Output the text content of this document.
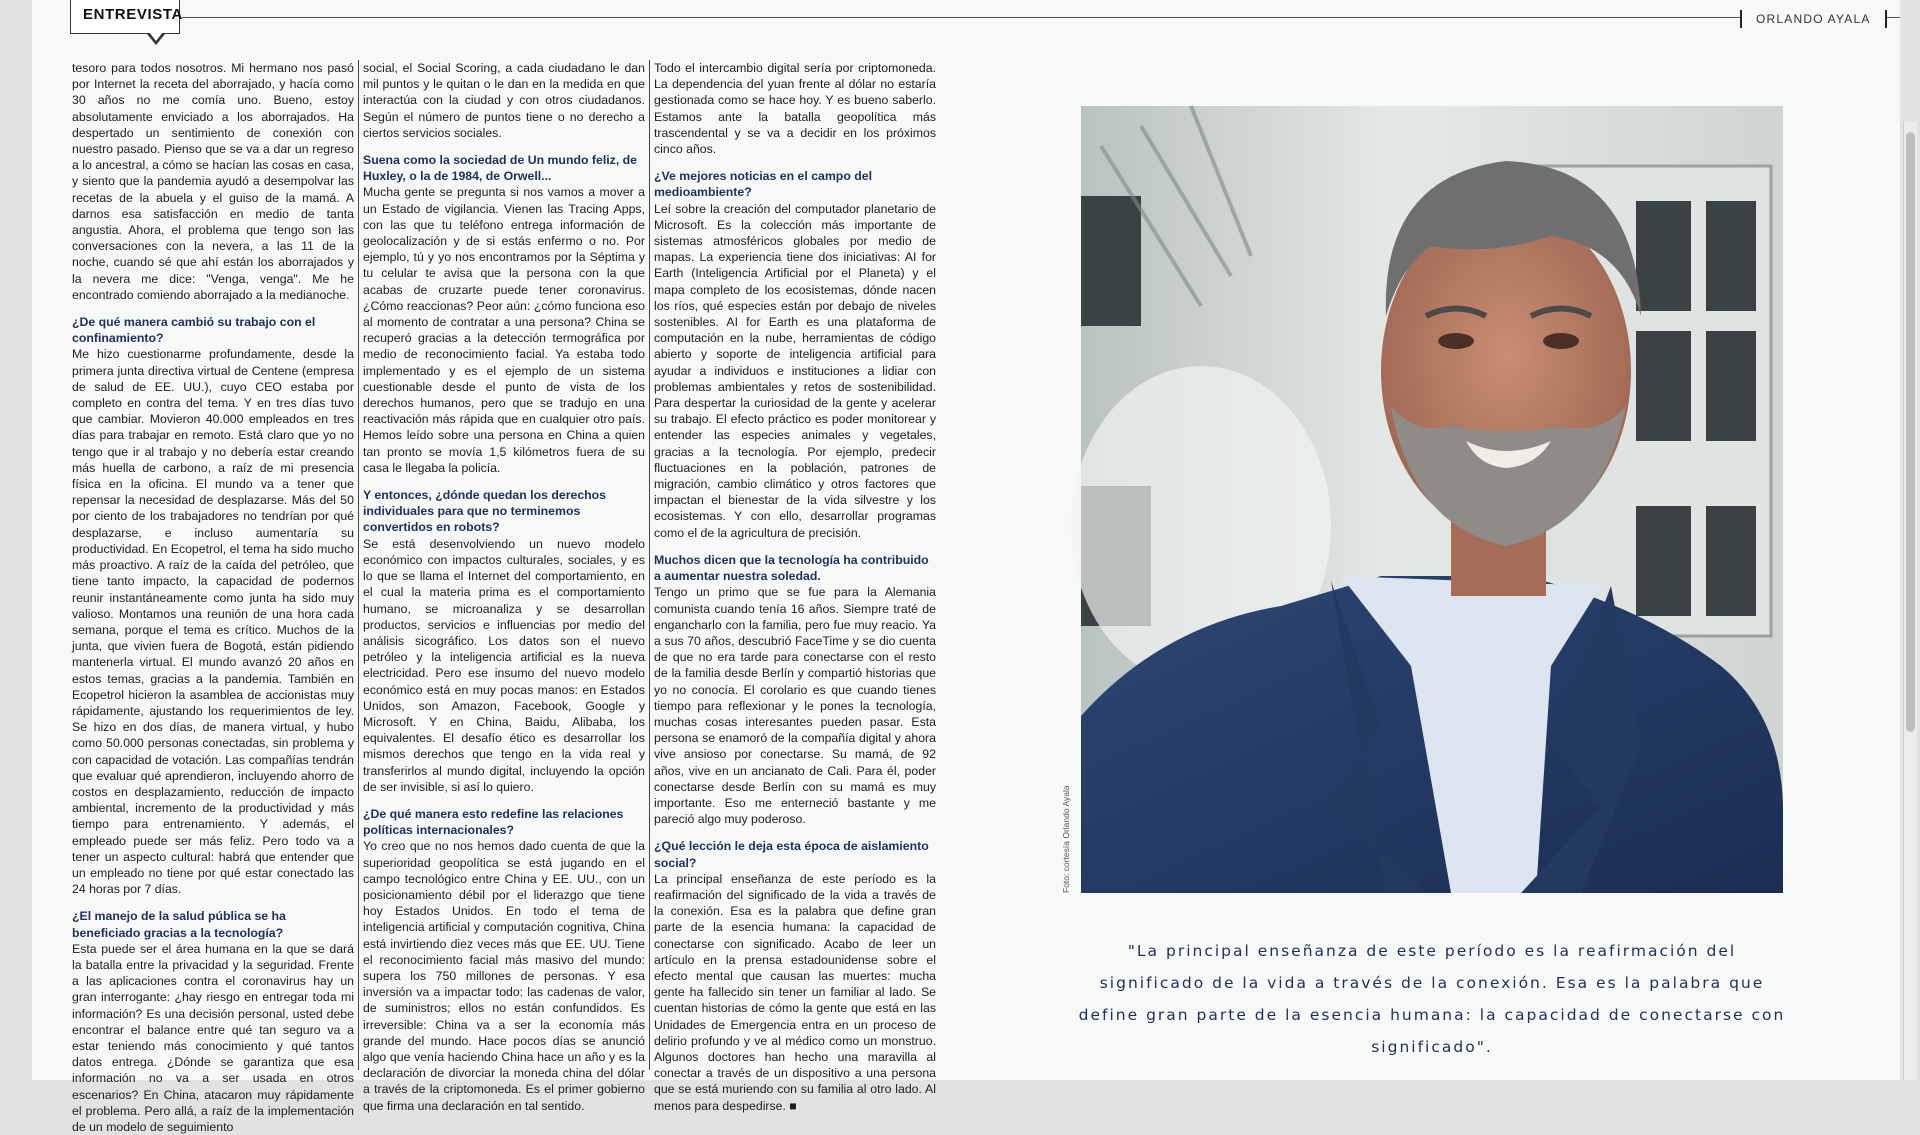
ENTREVISTA	ORLANDO AYALA

tesoro para todos nosotros. Mi hermano nos pasó por Internet la receta del aborrajado, y hacía como 30 años no me comía uno. Bueno, estoy absolutamente enviciado a los aborrajados. Ha despertado un sentimiento de conexión con nuestro pasado. Pienso que se va a dar un regreso a lo ancestral, a cómo se hacían las cosas en casa, y siento que la pandemia ayudó a desempolvar las recetas de la abuela y el guiso de la mamá. A darnos esa satisfacción en medio de tanta angustia. Ahora, el problema que tengo son las conversaciones con la nevera, a las 11 de la noche, cuando sé que ahí están los aborrajados y la nevera me dice: "Venga, venga". Me he encontrado comiendo aborrajado a la medianoche.

¿De qué manera cambió su trabajo con el confinamiento?

Me hizo cuestionarme profundamente, desde la primera junta directiva virtual de Centene (empresa de salud de EE. UU.), cuyo CEO estaba por completo en contra del tema. Y en tres días tuvo que cambiar. Movieron 40.000 empleados en tres días para trabajar en remoto. Está claro que yo no tengo que ir al trabajo y no debería estar creando más huella de carbono, a raíz de mi presencia física en la oficina. El mundo va a tener que repensar la necesidad de desplazarse. Más del 50 por ciento de los trabajadores no tendrían por qué desplazarse, e incluso aumentaría su productividad. En Ecopetrol, el tema ha sido mucho más proactivo. A raíz de la caída del petróleo, que tiene tanto impacto, la capacidad de podernos reunir instantáneamente como junta ha sido muy valioso. Montamos una reunión de una hora cada semana, porque el tema es crítico. Muchos de la junta, que vivien fuera de Bogotá, están pidiendo mantenerla virtual. El mundo avanzó 20 años en estos temas, gracias a la pandemia. También en Ecopetrol hicieron la asamblea de accionistas muy rápidamente, ajustando los requerimientos de ley. Se hizo en dos días, de manera virtual, y hubo como 50.000 personas conectadas, sin problema y con capacidad de votación. Las compañías tendrán que evaluar qué aprendieron, incluyendo ahorro de costos en desplazamiento, reducción de impacto ambiental, incremento de la productividad y más tiempo para entrenamiento. Y además, el empleado puede ser más feliz. Pero todo va a tener un aspecto cultural: habrá que entender que un empleado no tiene por qué estar conectado las 24 horas por 7 días.

¿El manejo de la salud pública se ha beneficiado gracias a la tecnología?

Esta puede ser el área humana en la que se dará la batalla entre la privacidad y la seguridad. Frente a las aplicaciones contra el coronavirus hay un gran interrogante: ¿hay riesgo en entregar toda mi información? Es una decisión personal, usted debe encontrar el balance entre qué tan seguro va a estar teniendo más conocimiento y qué tantos datos entrega. ¿Dónde se garantiza que esa información no va a ser usada en otros escenarios? En China, atacaron muy rápidamente el problema. Pero allá, a raíz de la implementación de un modelo de seguimiento

social, el Social Scoring, a cada ciudadano le dan mil puntos y le quitan o le dan en la medida en que interactúa con la ciudad y con otros ciudadanos. Según el número de puntos tiene o no derecho a ciertos servicios sociales.

Suena como la sociedad de Un mundo feliz, de Huxley, o la de 1984, de Orwell...

Mucha gente se pregunta si nos vamos a mover a un Estado de vigilancia. Vienen las Tracing Apps, con las que tu teléfono entrega información de geolocalización y de si estás enfermo o no. Por ejemplo, tú y yo nos encontramos por la Séptima y tu celular te avisa que la persona con la que acabas de cruzarte puede tener coronavirus. ¿Cómo reaccionas? Peor aún: ¿cómo funciona eso al momento de contratar a una persona? China se recuperó gracias a la detección termográfica por medio de reconocimiento facial. Ya estaba todo implementado y es el ejemplo de un sistema cuestionable desde el punto de vista de los derechos humanos, pero que se tradujo en una reactivación más rápida que en cualquier otro país. Hemos leído sobre una persona en China a quien tan pronto se movía 1,5 kilómetros fuera de su casa le llegaba la policía.

Y entonces, ¿dónde quedan los derechos individuales para que no terminemos convertidos en robots?

Se está desenvolviendo un nuevo modelo económico con impactos culturales, sociales, y es lo que se llama el Internet del comportamiento, en el cual la materia prima es el comportamiento humano, se microanaliza y se desarrollan productos, servicios e influencias por medio del análisis sicográfico. Los datos son el nuevo petróleo y la inteligencia artificial es la nueva electricidad. Pero ese insumo del nuevo modelo económico está en muy pocas manos: en Estados Unidos, son Amazon, Facebook, Google y Microsoft. Y en China, Baidu, Alibaba, los equivalentes. El desafío ético es desarrollar los mismos derechos que tengo en la vida real y transferirlos al mundo digital, incluyendo la opción de ser invisible, si así lo quiero.

¿De qué manera esto redefine las relaciones políticas internacionales?

Yo creo que no nos hemos dado cuenta de que la superioridad geopolítica se está jugando en el campo tecnológico entre China y EE. UU., con un posicionamiento débil por el liderazgo que tiene hoy Estados Unidos. En todo el tema de inteligencia artificial y computación cognitiva, China está invirtiendo diez veces más que EE. UU. Tiene el reconocimiento facial más masivo del mundo: supera los 750 millones de personas. Y esa inversión va a impactar todo: las cadenas de valor, de suministros; ellos no están confundidos. Es irreversible: China va a ser la economía más grande del mundo. Hace pocos días se anunció algo que venía haciendo China hace un año y es la declaración de divorciar la moneda china del dólar a través de la criptomoneda. Es el primer gobierno que firma una declaración en tal sentido.

Todo el intercambio digital sería por criptomoneda. La dependencia del yuan frente al dólar no estaría gestionada como se hace hoy. Y es bueno saberlo. Estamos ante la batalla geopolítica más trascendental y se va a decidir en los próximos cinco años.

¿Ve mejores noticias en el campo del medioambiente?

Leí sobre la creación del computador planetario de Microsoft. Es la colección más importante de sistemas atmosféricos globales por medio de mapas. La experiencia tiene dos iniciativas: AI for Earth (Inteligencia Artificial por el Planeta) y el mapa completo de los ecosistemas, dónde nacen los ríos, qué especies están por debajo de niveles sostenibles. AI for Earth es una plataforma de computación en la nube, herramientas de código abierto y soporte de inteligencia artificial para ayudar a individuos e instituciones a lidiar con problemas ambientales y retos de sostenibilidad. Para despertar la curiosidad de la gente y acelerar su trabajo. El efecto práctico es poder monitorear y entender las especies animales y vegetales, gracias a la tecnología. Por ejemplo, predecir fluctuaciones en la población, patrones de migración, cambio climático y otros factores que impactan el bienestar de la vida silvestre y los ecosistemas. Y con ello, desarrollar programas como el de la agricultura de precisión.

Muchos dicen que la tecnología ha contribuido a aumentar nuestra soledad.

Tengo un primo que se fue para la Alemania comunista cuando tenía 16 años. Siempre traté de engancharlo con la familia, pero fue muy reacio. Ya a sus 70 años, descubrió FaceTime y se dio cuenta de que no era tarde para conectarse con el resto de la familia desde Berlín y compartió historias que yo no conocía. El corolario es que cuando tienes tiempo para reflexionar y le pones la tecnología, muchas cosas interesantes pueden pasar. Esta persona se enamoró de la compañía digital y ahora vive ansioso por conectarse. Su mamá, de 92 años, vive en un ancianato de Cali. Para él, poder conectarse desde Berlín con su mamá es muy importante. Eso me enterneció bastante y me pareció algo muy poderoso.

¿Qué lección le deja esta época de aislamiento social?

La principal enseñanza de este período es la reafirmación del significado de la vida a través de la conexión. Esa es la palabra que define gran parte de la esencia humana: la capacidad de conectarse con significado. Acabo de leer un artículo en la prensa estadounidense sobre el efecto mental que causan las muertes: mucha gente ha fallecido sin tener un familiar al lado. Se cuentan historias de cómo la gente que está en las Unidades de Emergencia entra en un proceso de delirio profundo y ve al médico como un monstruo. Algunos doctores han hecho una maravilla al conectar a través de un dispositivo a una persona que se está muriendo con su familia al otro lado. Al menos para despedirse. ■

Foto: cortesía Orlando Ayala
"La principal enseñanza de este período es la reafirmación del significado de la vida a través de la conexión. Esa es la palabra que define gran parte de la esencia humana: la capacidad de conectarse con significado".
